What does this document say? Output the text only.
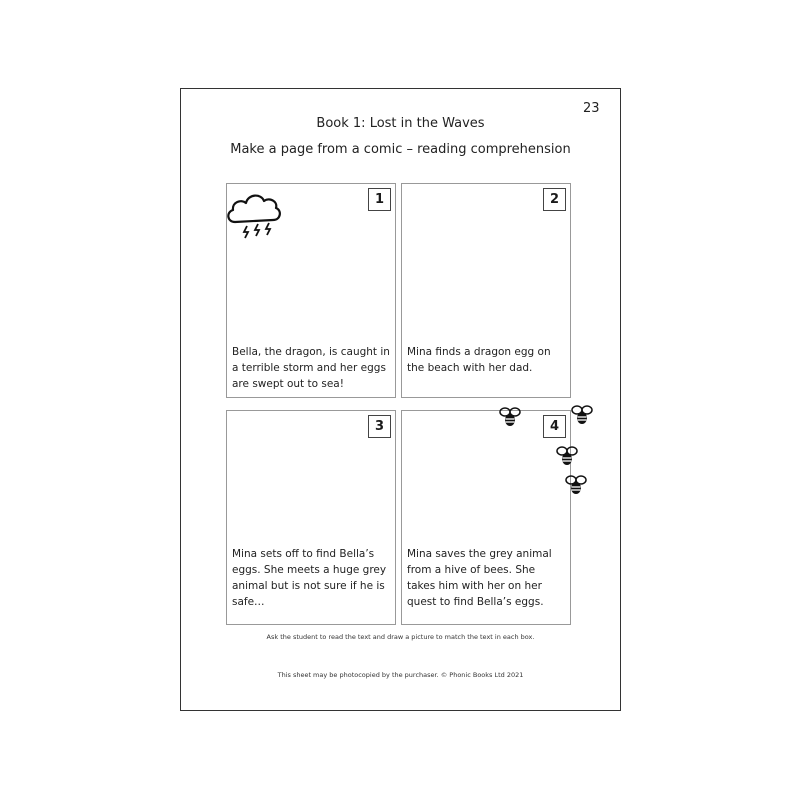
23
Book 1: Lost in the Waves
Make a page from a comic – reading comprehension
1
Bella, the dragon, is caught in a terrible storm and her eggs are swept out to sea!
2
Mina finds a dragon egg on the beach with her dad.
3
Mina sets off to find Bella’s eggs. She meets a huge grey animal but is not sure if he is safe…
4
Mina saves the grey animal from a hive of bees. She takes him with her on her quest to find Bella’s eggs.
Ask the student to read the text and draw a picture to match the text in each box.
This sheet may be photocopied by the purchaser. © Phonic Books Ltd 2021
